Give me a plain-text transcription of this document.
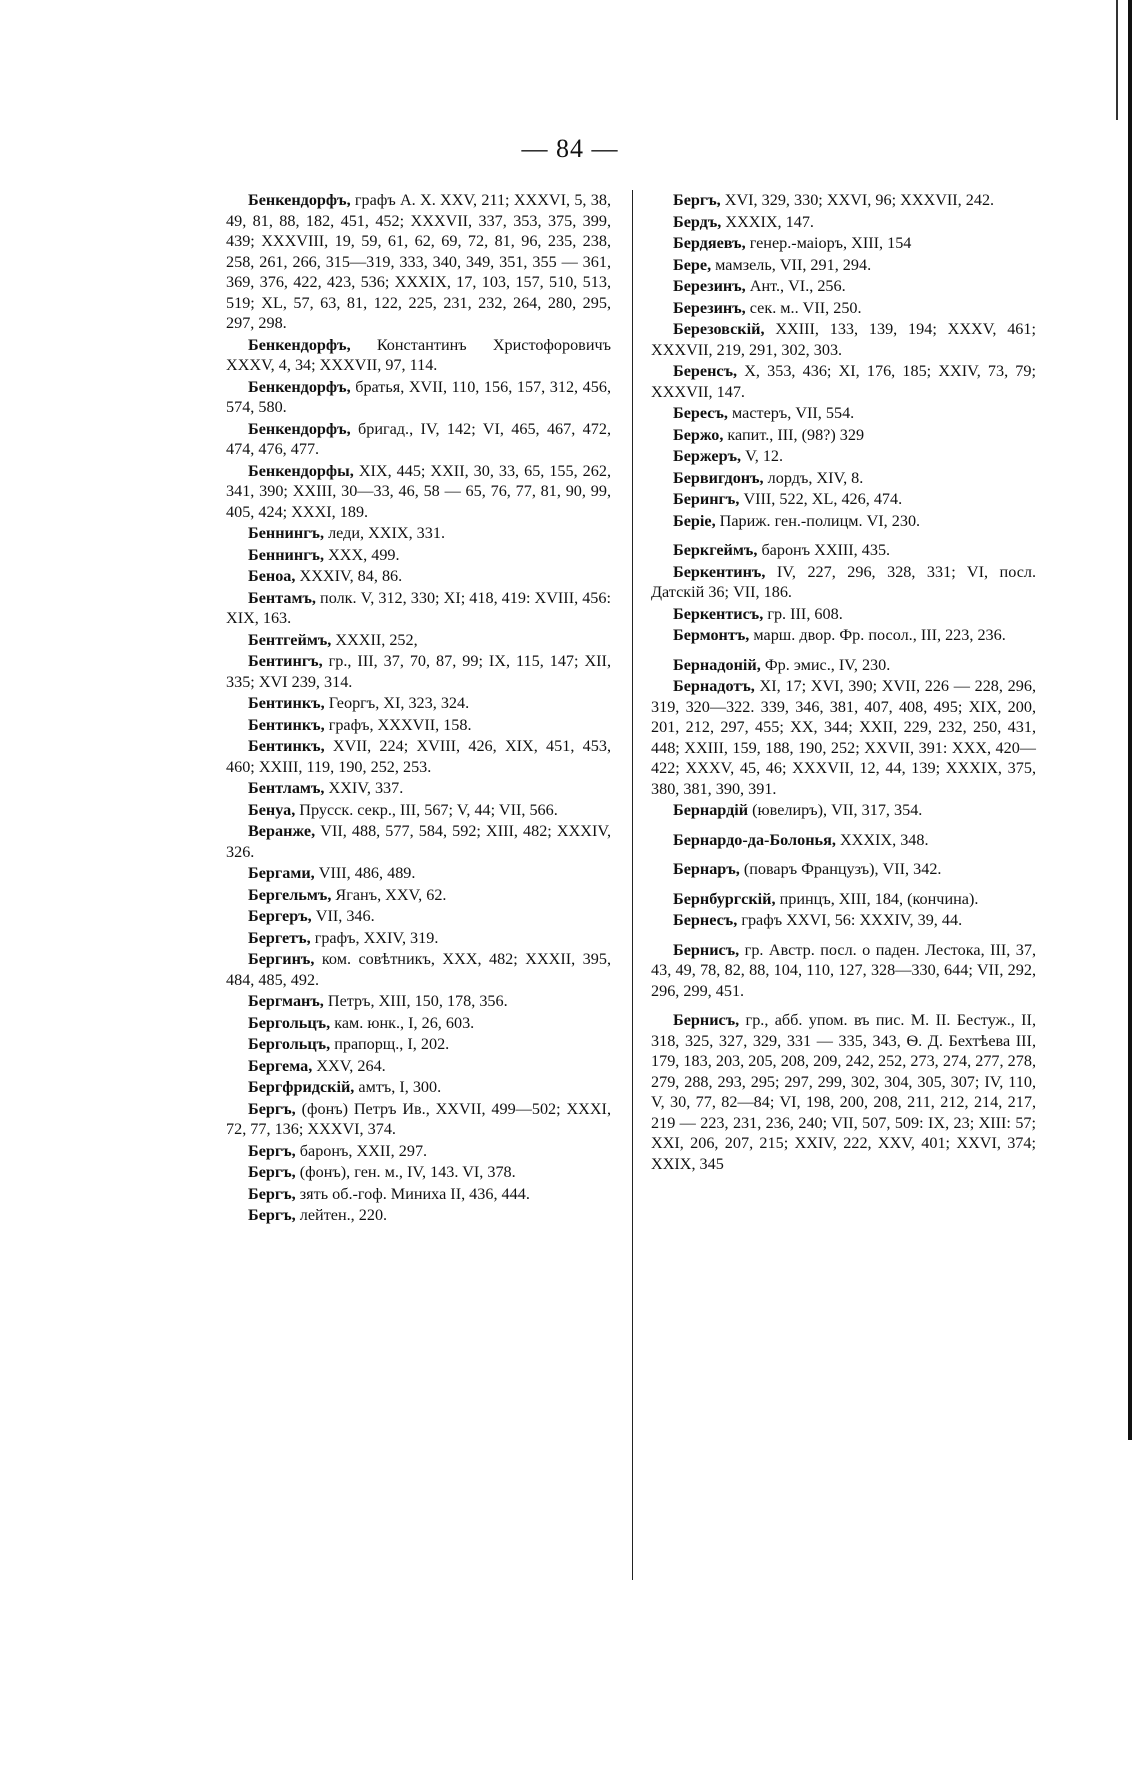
— 84 —

Бенкендорфъ, графъ А. Х. XXV, 211; XXXVI, 5, 38, 49, 81, 88, 182, 451, 452; XXXVII, 337, 353, 375, 399, 439; XXXVIII, 19, 59, 61, 62, 69, 72, 81, 96, 235, 238, 258, 261, 266, 315—319, 333, 340, 349, 351, 355 — 361, 369, 376, 422, 423, 536; XXXIX, 17, 103, 157, 510, 513, 519; XL, 57, 63, 81, 122, 225, 231, 232, 264, 280, 295, 297, 298.

Бенкендорфъ, Константинъ Христофоровичъ XXXV, 4, 34; XXXVII, 97, 114.

Бенкендорфъ, братья, XVII, 110, 156, 157, 312, 456, 574, 580.

Бенкендорфъ, бригад., IV, 142; VI, 465, 467, 472, 474, 476, 477.

Бенкендорфы, XIX, 445; XXII, 30, 33, 65, 155, 262, 341, 390; XXIII, 30—33, 46, 58 — 65, 76, 77, 81, 90, 99, 405, 424; XXXI, 189.

Беннингъ, леди, XXIX, 331.

Беннингъ, XXX, 499.

Беноа, XXXIV, 84, 86.

Бентамъ, полк. V, 312, 330; XI; 418, 419: XVIII, 456: XIX, 163.

Бентгеймъ, XXXII, 252,

Бентингъ, гр., III, 37, 70, 87, 99; IX, 115, 147; XII, 335; XVI 239, 314.

Бентинкъ, Георгъ, XI, 323, 324.

Бентинкъ, графъ, XXXVII, 158.

Бентинкъ, XVII, 224; XVIII, 426, XIX, 451, 453, 460; XXIII, 119, 190, 252, 253.

Бентламъ, XXIV, 337.

Бенуа, Прусск. секр., III, 567; V, 44; VII, 566.

Веранже, VII, 488, 577, 584, 592; XIII, 482; XXXIV, 326.

Бергами, VIII, 486, 489.

Бергельмъ, Яганъ, XXV, 62.

Бергеръ, VII, 346.

Бергетъ, графъ, XXIV, 319.

Бергинъ, ком. совѣтникъ, XXX, 482; XXXII, 395, 484, 485, 492.

Бергманъ, Петръ, XIII, 150, 178, 356.

Бергольцъ, кам. юнк., I, 26, 603.

Бергольцъ, прапорщ., I, 202.

Бергема, XXV, 264.

Бергфридскій, амтъ, I, 300.

Бергъ, (фонъ) Петръ Ив., XXVII, 499—502; XXXI, 72, 77, 136; XXXVI, 374.

Бергъ, баронъ, XXII, 297.

Бергъ, (фонъ), ген. м., IV, 143. VI, 378.

Бергъ, зять об.-гоф. Миниха II, 436, 444.

Бергъ, лейтен., 220.

Бергъ, XVI, 329, 330; XXVI, 96; XXXVII, 242.

Бердъ, XXXIX, 147.

Бердяевъ, генер.-маіоръ, XIII, 154

Бере, мамзель, VII, 291, 294.

Березинъ, Ант., VI., 256.

Березинъ, сек. м.. VII, 250.

Березовскій, XXIII, 133, 139, 194; XXXV, 461; XXXVII, 219, 291, 302, 303.

Беренсъ, X, 353, 436; XI, 176, 185; XXIV, 73, 79; XXXVII, 147.

Бересъ, мастеръ, VII, 554.

Бержо, капит., III, (98?) 329

Бержеръ, V, 12.

Бервигдонъ, лордъ, XIV, 8.

Берингъ, VIII, 522, XL, 426, 474.

Беріе, Париж. ген.-полицм. VI, 230.

Беркгеймъ, баронъ XXIII, 435.

Беркентинъ, IV, 227, 296, 328, 331; VI, посл. Датскій 36; VII, 186.

Беркентисъ, гр. III, 608.

Бермонтъ, марш. двор. Фр. посол., III, 223, 236.

Бернадоній, Фр. эмис., IV, 230.

Бернадотъ, XI, 17; XVI, 390; XVII, 226 — 228, 296, 319, 320—322. 339, 346, 381, 407, 408, 495; XIX, 200, 201, 212, 297, 455; XX, 344; XXII, 229, 232, 250, 431, 448; XXIII, 159, 188, 190, 252; XXVII, 391: XXX, 420—422; XXXV, 45, 46; XXXVII, 12, 44, 139; XXXIX, 375, 380, 381, 390, 391.

Бернардій (ювелиръ), VII, 317, 354.

Бернардо-да-Болонья, XXXIX, 348.

Бернаръ, (поваръ Французъ), VII, 342.

Бернбургскій, принцъ, XIII, 184, (кончина).

Бернесъ, графъ XXVI, 56: XXXIV, 39, 44.

Бернисъ, гр. Австр. посл. о паден. Лестока, III, 37, 43, 49, 78, 82, 88, 104, 110, 127, 328—330, 644; VII, 292, 296, 299, 451.

Бернисъ, гр., абб. упом. въ пис. М. II. Бестуж., II, 318, 325, 327, 329, 331 — 335, 343, Ѳ. Д. Бехтѣева III, 179, 183, 203, 205, 208, 209, 242, 252, 273, 274, 277, 278, 279, 288, 293, 295; 297, 299, 302, 304, 305, 307; IV, 110, V, 30, 77, 82—84; VI, 198, 200, 208, 211, 212, 214, 217, 219 — 223, 231, 236, 240; VII, 507, 509: IX, 23; XIII: 57; XXI, 206, 207, 215; XXIV, 222, XXV, 401; XXVI, 374; XXIX, 345
